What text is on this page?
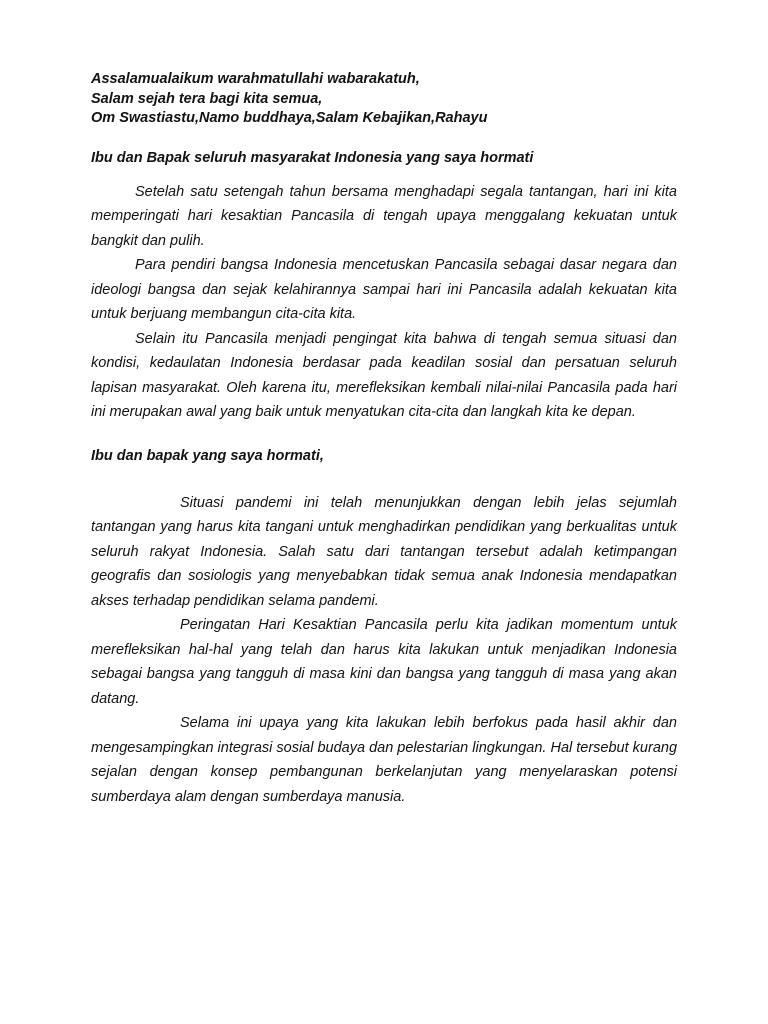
Assalamualaikum warahmatullahi wabarakatuh,
Salam sejah tera bagi kita semua,
Om Swastiastu,Namo buddhaya,Salam Kebajikan,Rahayu
Ibu dan Bapak seluruh masyarakat Indonesia yang saya hormati

Setelah satu setengah tahun bersama menghadapi segala tantangan, hari ini kita memperingati hari kesaktian Pancasila di tengah upaya menggalang kekuatan untuk bangkit dan pulih.

Para pendiri bangsa Indonesia mencetuskan Pancasila sebagai dasar negara dan ideologi bangsa dan sejak kelahirannya sampai hari ini Pancasila adalah kekuatan kita untuk berjuang membangun cita-cita kita.

Selain itu Pancasila menjadi pengingat kita bahwa di tengah semua situasi dan kondisi, kedaulatan Indonesia berdasar pada keadilan sosial dan persatuan seluruh lapisan masyarakat. Oleh karena itu, merefleksikan kembali nilai-nilai Pancasila pada hari ini merupakan awal yang baik untuk menyatukan cita-cita dan langkah kita ke depan.

Ibu dan bapak yang saya hormati,

Situasi pandemi ini telah menunjukkan dengan lebih jelas sejumlah tantangan yang harus kita tangani untuk menghadirkan pendidikan yang berkualitas untuk seluruh rakyat Indonesia. Salah satu dari tantangan tersebut adalah ketimpangan geografis dan sosiologis yang menyebabkan tidak semua anak Indonesia mendapatkan akses terhadap pendidikan selama pandemi.

Peringatan Hari Kesaktian Pancasila perlu kita jadikan momentum untuk merefleksikan hal-hal yang telah dan harus kita lakukan untuk menjadikan Indonesia sebagai bangsa yang tangguh di masa kini dan bangsa yang tangguh di masa yang akan datang.

Selama ini upaya yang kita lakukan lebih berfokus pada hasil akhir dan mengesampingkan integrasi sosial budaya dan pelestarian lingkungan. Hal tersebut kurang sejalan dengan konsep pembangunan berkelanjutan yang menyelaraskan potensi sumberdaya alam dengan sumberdaya manusia.
